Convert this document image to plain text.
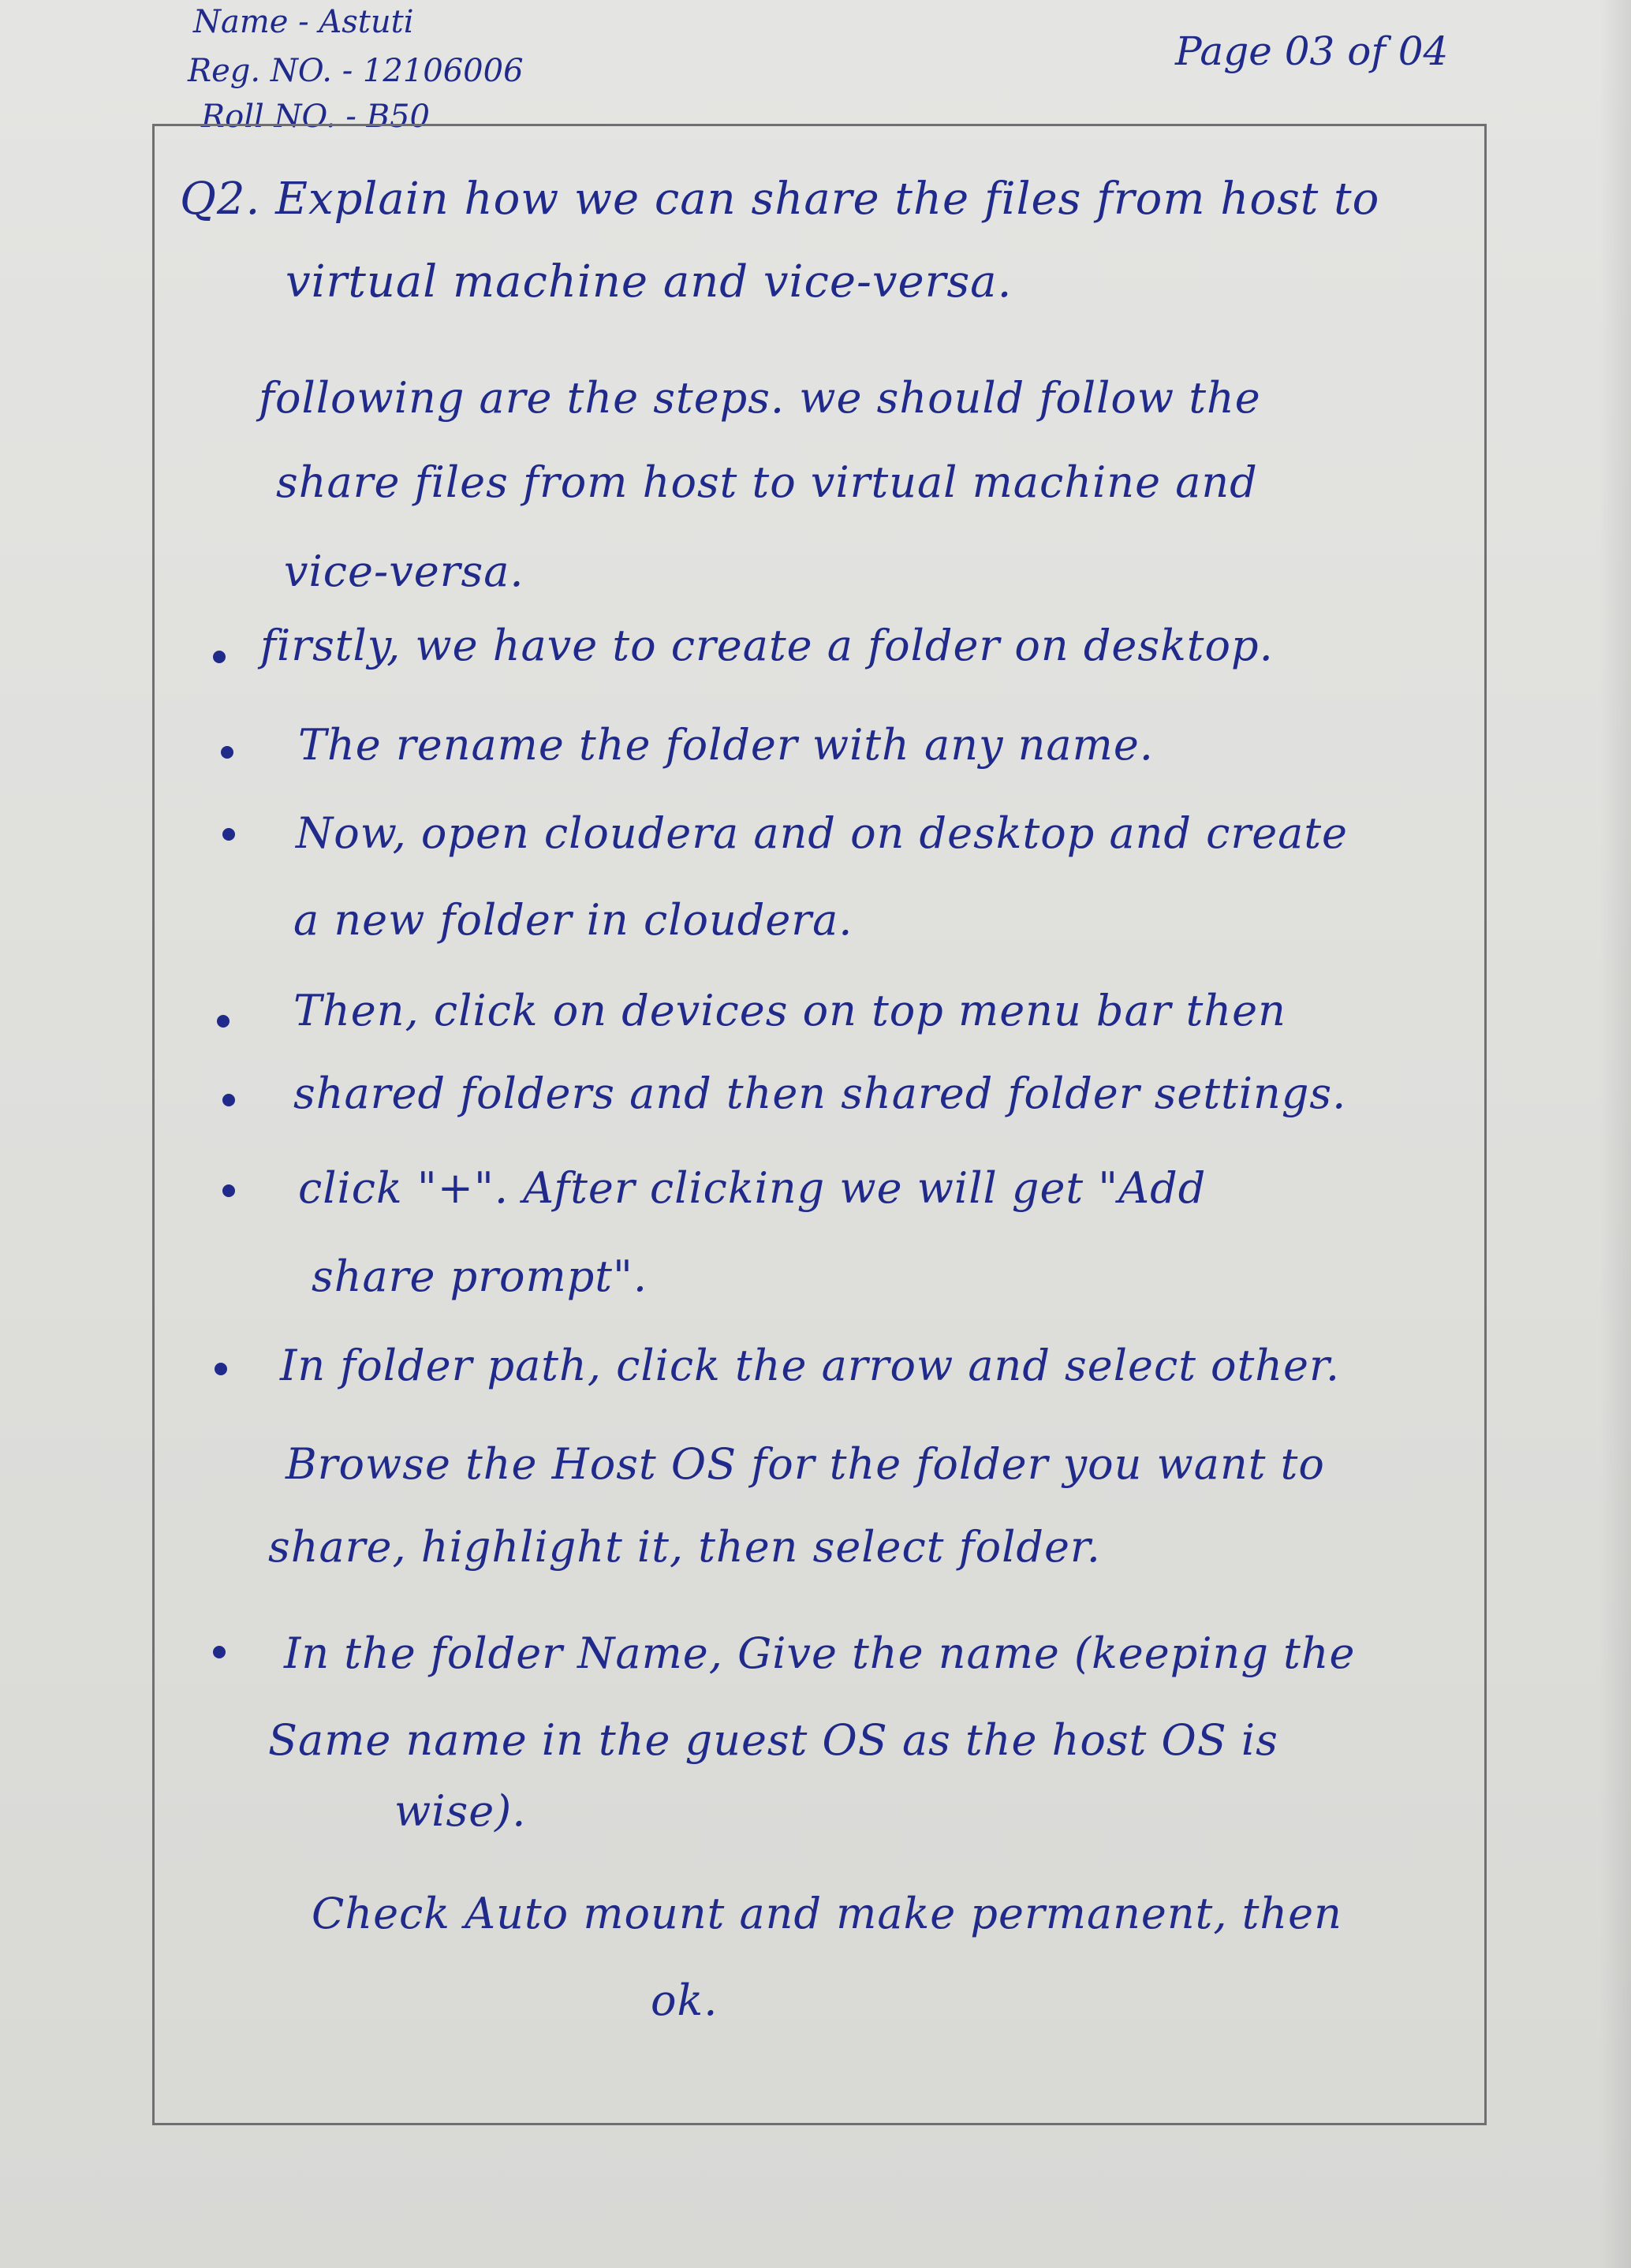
Name - Astuti
Reg. NO. - 12106006
Roll NO. - B50
Page 03 of 04
Q2. Explain how we can share the files from host to
virtual machine and vice-versa.
following are the steps. we should follow the
share files from host to virtual machine and
vice-versa.
firstly, we have to create a folder on desktop.
The rename the folder with any name.
Now, open cloudera and on desktop and create
a new folder in cloudera.
Then, click on devices on top menu bar then
shared folders and then shared folder settings.
click "+". After clicking we will get "Add
share prompt".
In folder path, click the arrow and select other.
Browse the Host OS for the folder you want to
share, highlight it, then select folder.
In the folder Name, Give the name (keeping the
Same name in the guest OS as the host OS is
wise).
Check Auto mount and make permanent, then
ok.
